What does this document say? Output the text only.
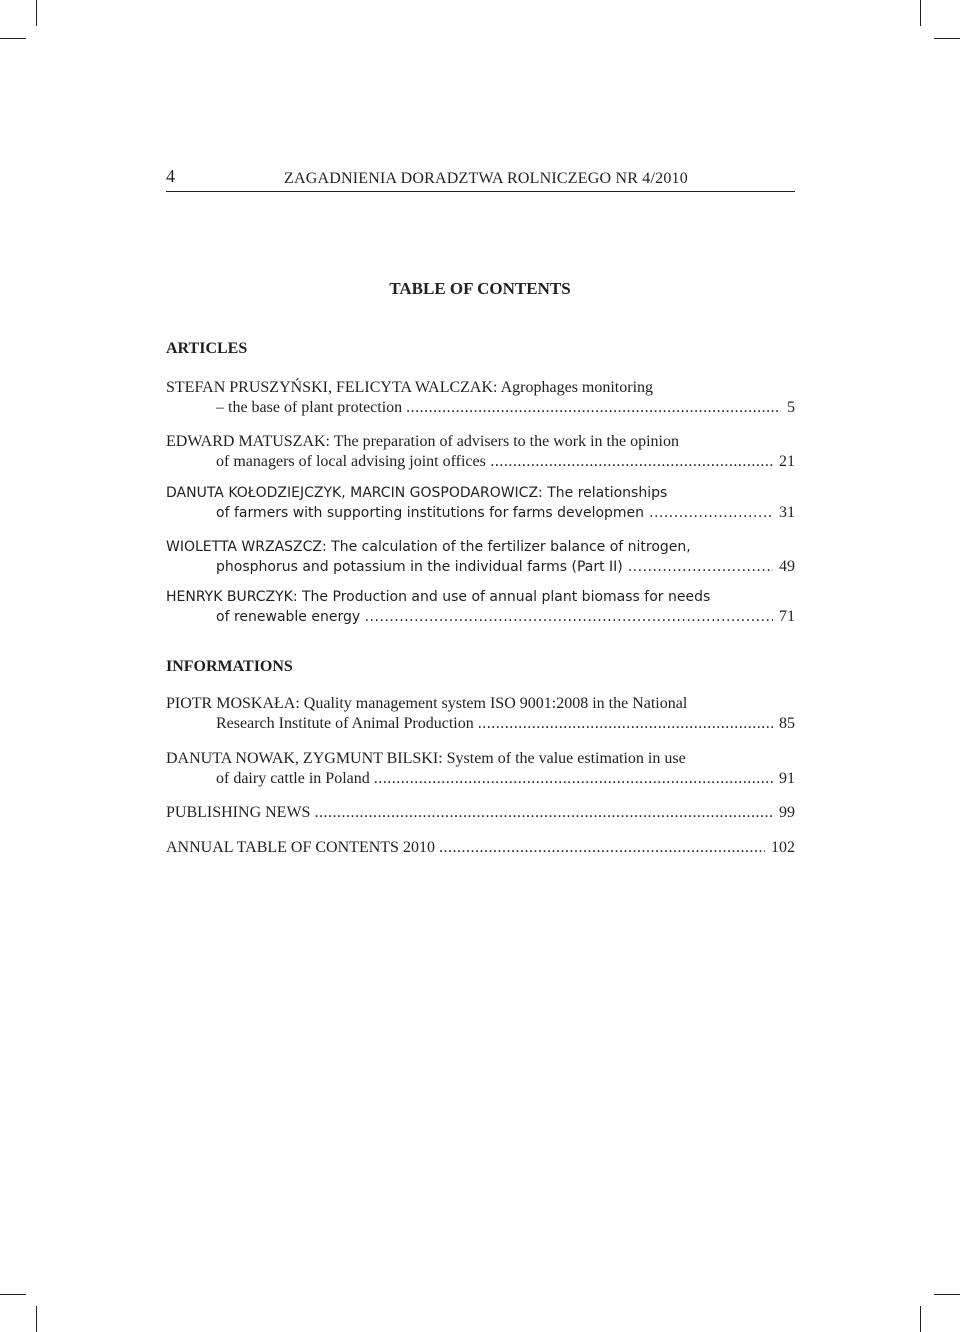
4	ZAGADNIENIA DORADZTWA ROLNICZEGO NR 4/2010
TABLE OF CONTENTS
ARTICLES
STEFAN PRUSZYŃSKI, FELICYTA WALCZAK: Agrophages monitoring
– the base of plant protection .....	5
EDWARD MATUSZAK: The preparation of advisers to the work in the opinion
of managers of local advising joint offices .....	21
DANUTA KOŁODZIEJCZYK, MARCIN GOSPODAROWICZ: The relationships
of farmers with supporting institutions for farms developmen .....	31
WIOLETTA WRZASZCZ: The calculation of the fertilizer balance of nitrogen,
phosphorus and potassium in the individual farms (Part II) .....	49
HENRYK BURCZYK: The Production and use of annual plant biomass for needs
of renewable energy .....	71
INFORMATIONS
PIOTR MOSKAŁA: Quality management system ISO 9001:2008 in the National
Research Institute of Animal Production .....	85
DANUTA NOWAK, ZYGMUNT BILSKI: System of the value estimation in use
of dairy cattle in Poland .....	91
PUBLISHING NEWS .....	99
ANNUAL TABLE OF CONTENTS 2010 .....	102
